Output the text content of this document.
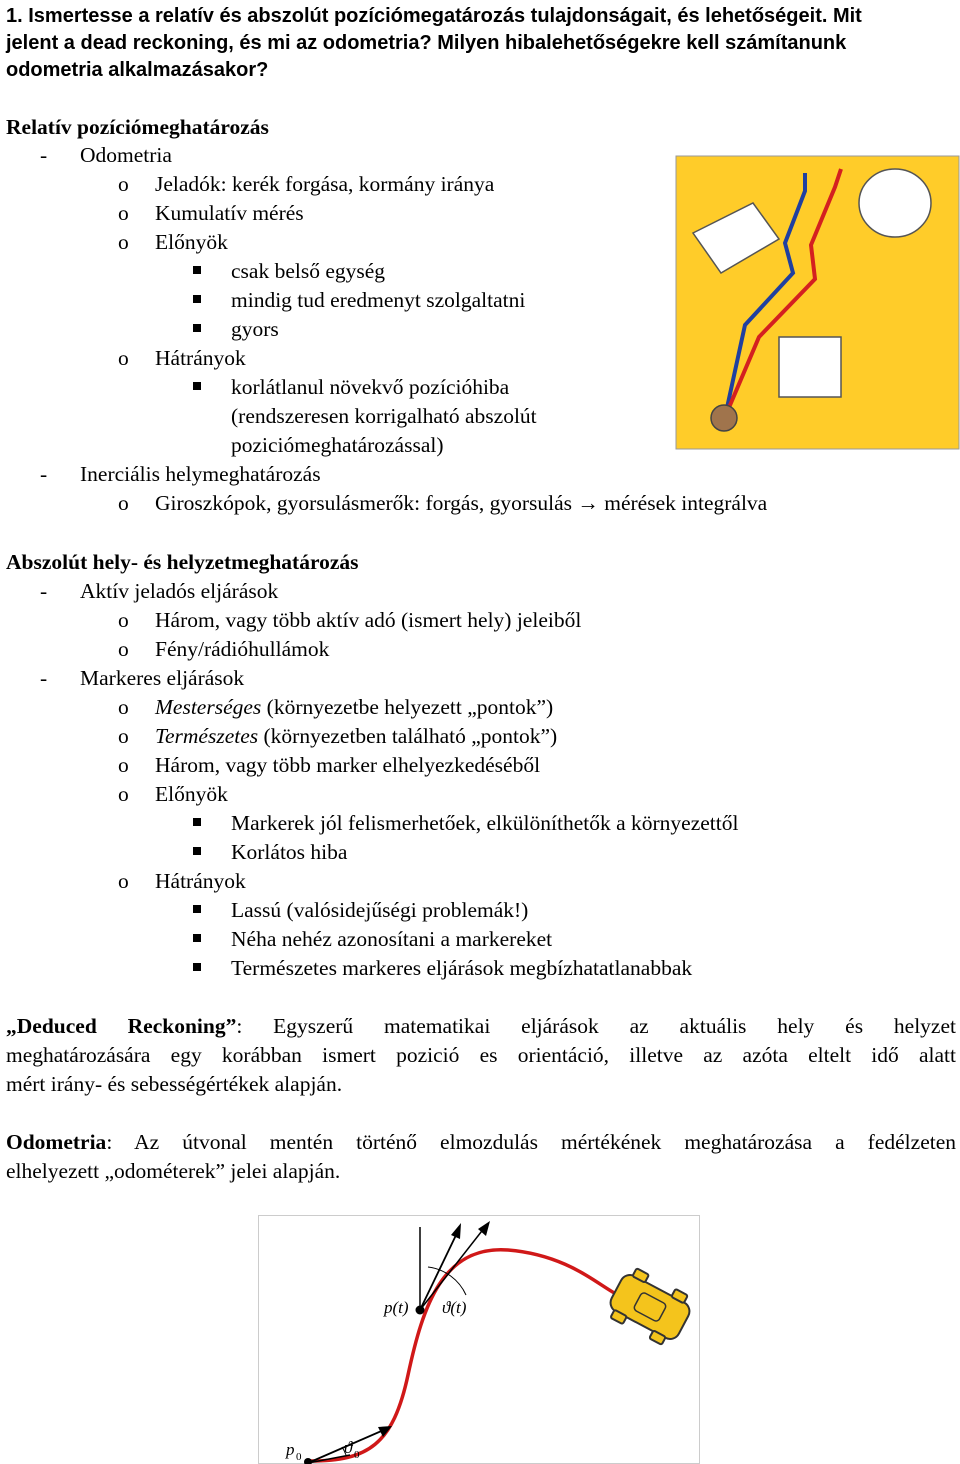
1. Ismertesse a relatív és abszolút pozíciómegatározás tulajdonságait, és lehetőségeit. Mit
jelent a dead reckoning, és mi az odometria? Milyen hibalehetőségekre kell számítanunk
odometria alkalmazásakor?
Relatív pozíciómeghatározás
- Odometria
o Jeladók: kerék forgása, kormány iránya
o Kumulatív mérés
o Előnyök
csak belső egység
mindig tud eredmenyt szolgaltatni
gyors
o Hátrányok
korlátlanul növekvő pozícióhiba
(rendszeresen korrigalható abszolút
poziciómeghatározással)
- Inerciális helymeghatározás
o Giroszkópok, gyorsulásmerők: forgás, gyorsulás → mérések integrálva
Abszolút hely- és helyzetmeghatározás
- Aktív jeladós eljárások
o Három, vagy több aktív adó (ismert hely) jeleiből
o Fény/rádióhullámok
- Markeres eljárások
o Mesterséges (környezetbe helyezett „pontok”)
o Természetes (környezetben található „pontok”)
o Három, vagy több marker elhelyezkedéséből
o Előnyök
Markerek jól felismerhetőek, elkülöníthetők a környezettől
Korlátos hiba
o Hátrányok
Lassú (valósidejűségi problemák!)
Néha nehéz azonosítani a markereket
Természetes markeres eljárások megbízhatatlanabbak
„Deduced Reckoning”: Egyszerű matematikai eljárások az aktuális hely és helyzet
meghatározására egy korábban ismert pozició es orientáció, illetve az azóta eltelt idő alatt
mért irány- és sebességértékek alapján.
Odometria: Az útvonal mentén történő elmozdulás mértékének meghatározása a fedélzeten
elhelyezett „odométerek” jelei alapján.
p(t) ϑ(t)
p 0	ϑ 0
